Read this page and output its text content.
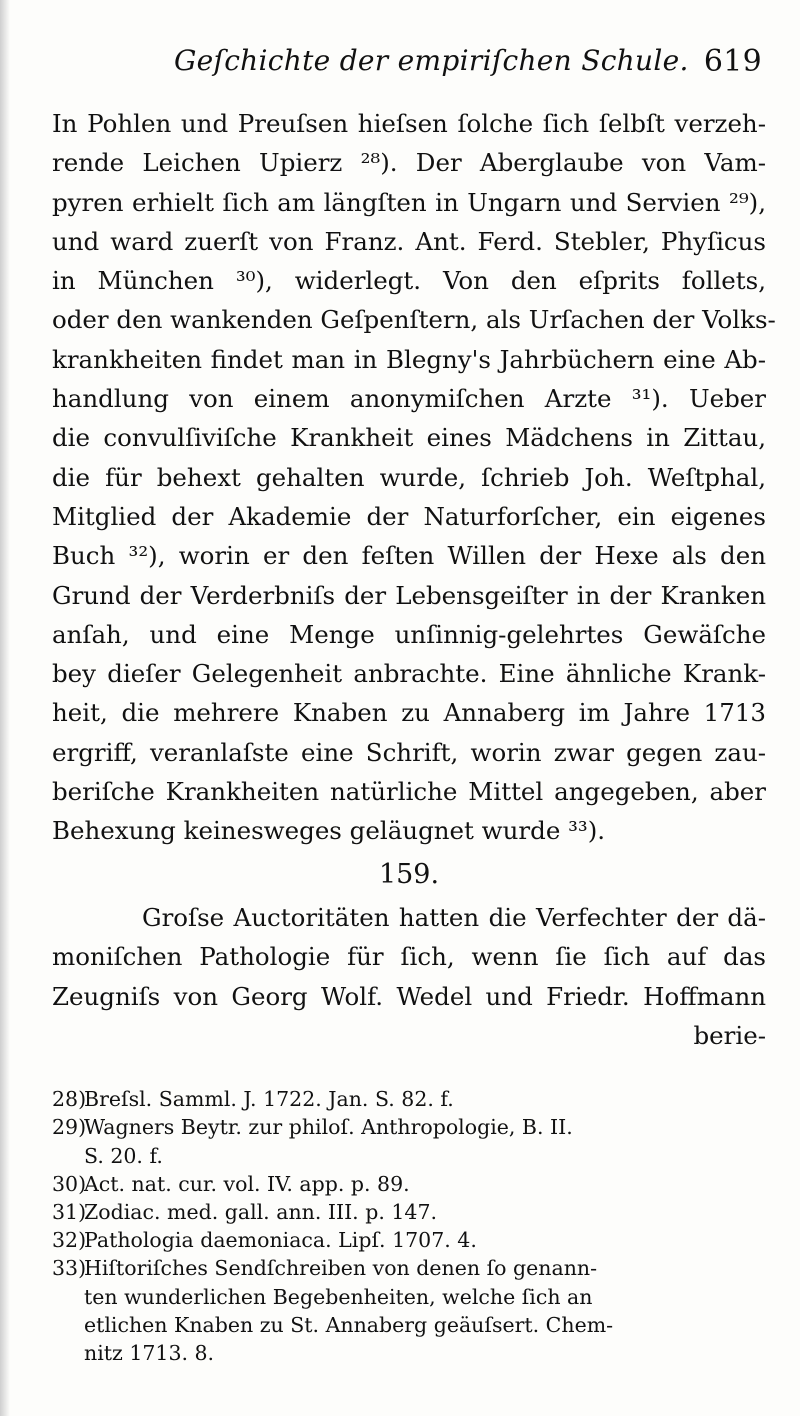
Geſchichte der empiriſchen Schule. 619
In Pohlen und Preuſsen hieſsen ſolche ſich ſelbſt verzeh-
rende Leichen Upierz ²⁸). Der Aberglaube von Vam-
pyren erhielt ſich am längſten in Ungarn und Servien ²⁹),
und ward zuerſt von Franz. Ant. Ferd. Stebler, Phyſicus
in München ³⁰), widerlegt. Von den eſprits follets,
oder den wankenden Geſpenſtern, als Urſachen der Volks-
krankheiten findet man in Blegny's Jahrbüchern eine Ab-
handlung von einem anonymiſchen Arzte ³¹). Ueber
die convulſiviſche Krankheit eines Mädchens in Zittau,
die für behext gehalten wurde, ſchrieb Joh. Weſtphal,
Mitglied der Akademie der Naturforſcher, ein eigenes
Buch ³²), worin er den feſten Willen der Hexe als den
Grund der Verderbniſs der Lebensgeiſter in der Kranken
anſah, und eine Menge unſinnig-gelehrtes Gewäſche
bey dieſer Gelegenheit anbrachte. Eine ähnliche Krank-
heit, die mehrere Knaben zu Annaberg im Jahre 1713
ergriff, veranlaſste eine Schrift, worin zwar gegen zau-
beriſche Krankheiten natürliche Mittel angegeben, aber
Behexung keinesweges geläugnet wurde ³³).
159.
Groſse Auctoritäten hatten die Verfechter der dä-
moniſchen Pathologie für ſich, wenn ſie ſich auf das
Zeugniſs von Georg Wolf. Wedel und Friedr. Hoffmann
berie-
28)Breſsl. Samml. J. 1722. Jan. S. 82. f.
29)Wagners Beytr. zur philoſ. Anthropologie, B. II.
S. 20. f.
30)Act. nat. cur. vol. IV. app. p. 89.
31)Zodiac. med. gall. ann. III. p. 147.
32)Pathologia daemoniaca. Lipſ. 1707. 4.
33)Hiſtoriſches Sendſchreiben von denen ſo genann-
ten wunderlichen Begebenheiten, welche ſich an
etlichen Knaben zu St. Annaberg geäuſsert. Chem-
nitz 1713. 8.
